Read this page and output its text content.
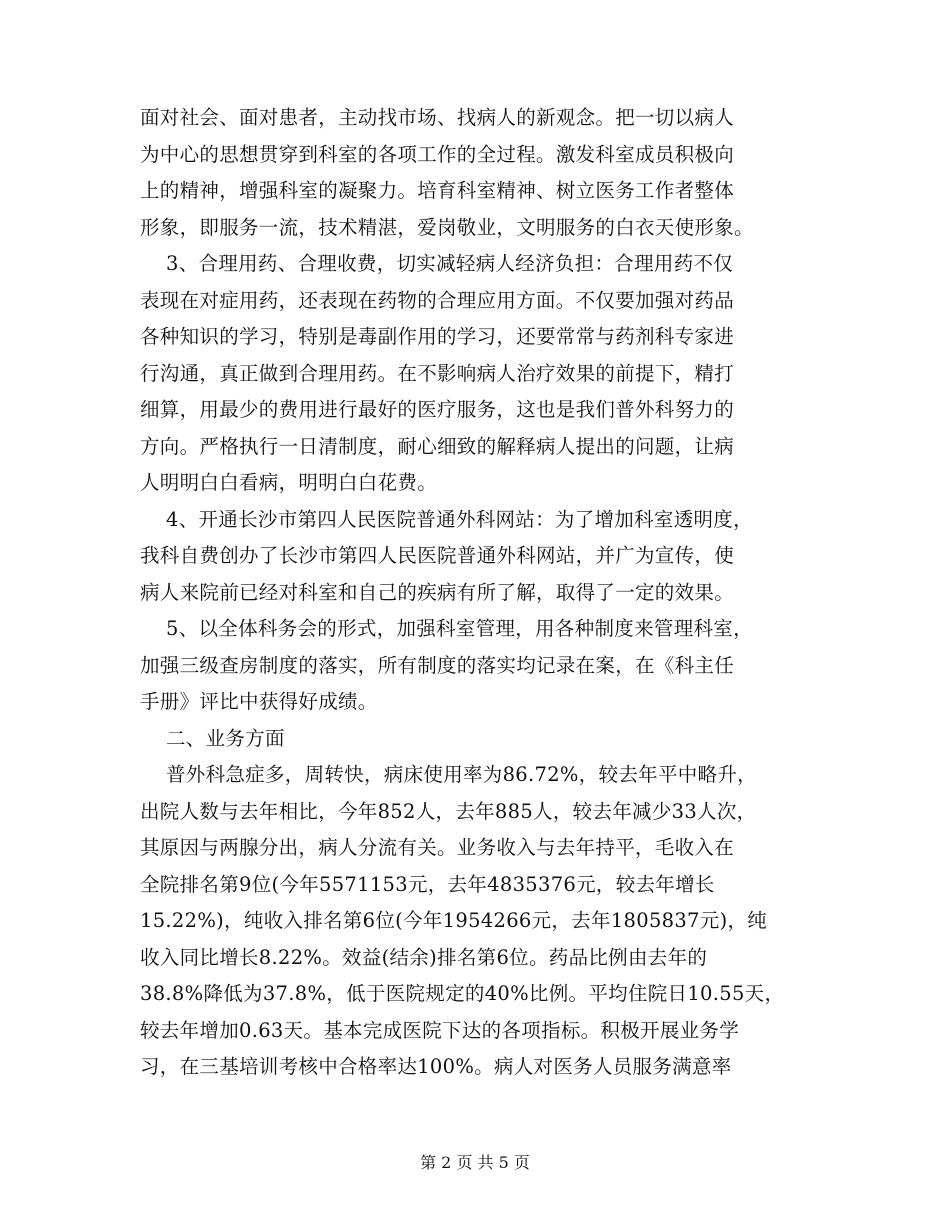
面对社会、面对患者，主动找市场、找病人的新观念。把一切以病人
为中心的思想贯穿到科室的各项工作的全过程。激发科室成员积极向
上的精神，增强科室的凝聚力。培育科室精神、树立医务工作者整体
形象，即服务一流，技术精湛，爱岗敬业，文明服务的白衣天使形象。
3、合理用药、合理收费，切实减轻病人经济负担：合理用药不仅
表现在对症用药，还表现在药物的合理应用方面。不仅要加强对药品
各种知识的学习，特别是毒副作用的学习，还要常常与药剂科专家进
行沟通，真正做到合理用药。在不影响病人治疗效果的前提下，精打
细算，用最少的费用进行最好的医疗服务，这也是我们普外科努力的
方向。严格执行一日清制度，耐心细致的解释病人提出的问题，让病
人明明白白看病，明明白白花费。
4、开通长沙市第四人民医院普通外科网站：为了增加科室透明度，
我科自费创办了长沙市第四人民医院普通外科网站，并广为宣传，使
病人来院前已经对科室和自己的疾病有所了解，取得了一定的效果。
5、以全体科务会的形式，加强科室管理，用各种制度来管理科室，
加强三级查房制度的落实，所有制度的落实均记录在案，在《科主任
手册》评比中获得好成绩。
二、业务方面
普外科急症多，周转快，病床使用率为86.72%，较去年平中略升，
出院人数与去年相比，今年852人，去年885人，较去年减少33人次，
其原因与两腺分出，病人分流有关。业务收入与去年持平，毛收入在
全院排名第9位(今年5571153元，去年4835376元，较去年增长
15.22%)，纯收入排名第6位(今年1954266元，去年1805837元)，纯
收入同比增长8.22%。效益(结余)排名第6位。药品比例由去年的
38.8%降低为37.8%，低于医院规定的40%比例。平均住院日10.55天，
较去年增加0.63天。基本完成医院下达的各项指标。积极开展业务学
习，在三基培训考核中合格率达100%。病人对医务人员服务满意率
第 2 页 共 5 页
